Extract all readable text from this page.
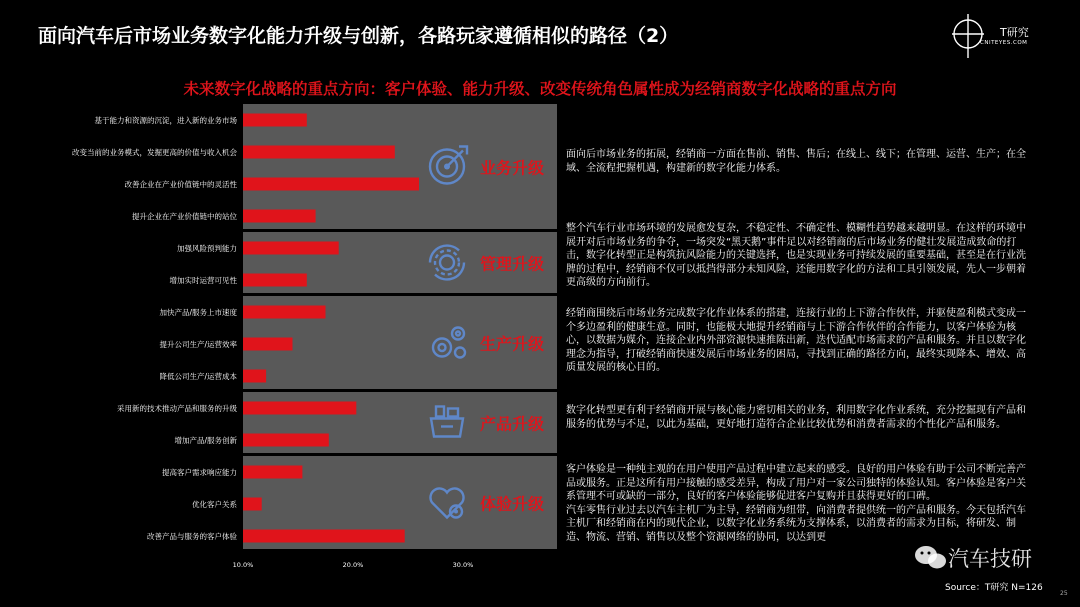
面向汽车后市场业务数字化能力升级与创新，各路玩家遵循相似的路径（2）	T研究
CNITEYES.COM
未来数字化战略的重点方向：客户体验、能力升级、改变传统角色属性成为经销商数字化战略的重点方向
业务升级
管理升级
生产升级
产品升级
体验升级
基于能力和资源的沉淀，进入新的业务市场
改变当前的业务模式，发掘更高的价值与收入机会
改善企业在产业价值链中的灵活性
提升企业在产业价值链中的站位
加强风险预判能力
增加实时运营可见性
加快产品/服务上市速度
提升公司生产/运营效率
降低公司生产/运营成本
采用新的技术推动产品和服务的升级
增加产品/服务创新
提高客户需求响应能力
优化客户关系
改善产品与服务的客户体验
10.0%	20.0%	30.0%
面向后市场业务的拓展，经销商一方面在售前、销售、售后；在线上、线下；在管理、运营、生产；在全域、全流程把握机遇，构建新的数字化能力体系。
整个汽车行业市场环境的发展愈发复杂，不稳定性、不确定性、模糊性趋势越来越明显。在这样的环境中展开对后市场业务的争夺，一场突发“黑天鹅”事件足以对经销商的后市场业务的健壮发展造成致命的打击，数字化转型正是构筑抗风险能力的关键选择，也是实现业务可持续发展的重要基础，甚至是在行业洗牌的过程中，经销商不仅可以抵挡得部分未知风险，还能用数字化的方法和工具引领发展，先人一步朝着更高级的方向前行。
经销商围绕后市场业务完成数字化作业体系的搭建，连接行业的上下游合作伙伴，并驱使盈利模式变成一个多边盈利的健康生意。同时，也能极大地提升经销商与上下游合作伙伴的合作能力，以客户体验为核心，以数据为媒介，连接企业内外部资源快速推陈出新，迭代适配市场需求的产品和服务。并且以数字化理念为指导，打破经销商快速发展后市场业务的困局，寻找到正确的路径方向，最终实现降本、增效、高质量发展的核心目的。
数字化转型更有利于经销商开展与核心能力密切相关的业务，利用数字化作业系统，充分挖掘现有产品和服务的优势与不足，以此为基础，更好地打造符合企业比较优势和消费者需求的个性化产品和服务。
客户体验是一种纯主观的在用户使用产品过程中建立起来的感受。良好的用户体验有助于公司不断完善产品或服务。正是这所有用户接触的感受差异，构成了用户对一家公司独特的体验认知。客户体验是客户关系管理不可或缺的一部分，良好的客户体验能够促进客户复购并且获得更好的口碑。
汽车零售行业过去以汽车主机厂为主导，经销商为纽带，向消费者提供统一的产品和服务。今天包括汽车主机厂和经销商在内的现代企业，以数字化业务系统为支撑体系，以消费者的需求为目标，将研发、制造、物流、营销、销售以及整个资源网络的协同，以达到更
汽车技研
Source：T研究 N=126
25
